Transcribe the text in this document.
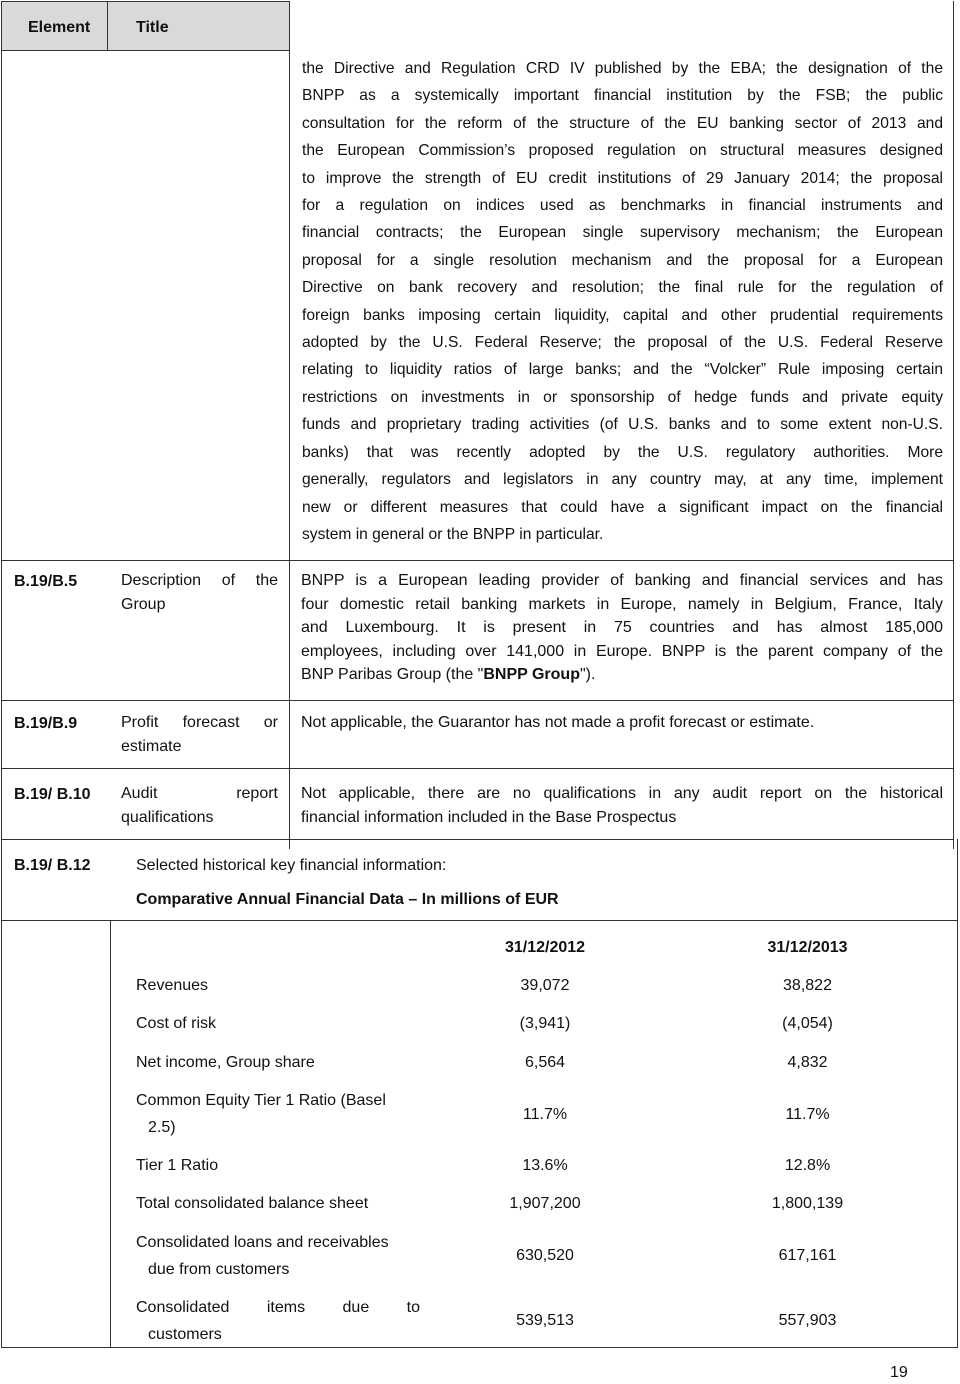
Element	Title
the Directive and Regulation CRD IV published by the EBA; the designation of the
BNPP as a systemically important financial institution by the FSB; the public
consultation for the reform of the structure of the EU banking sector of 2013 and
the European Commission’s proposed regulation on structural measures designed
to improve the strength of EU credit institutions of 29 January 2014; the proposal
for a regulation on indices used as benchmarks in financial instruments and
financial contracts; the European single supervisory mechanism; the European
proposal for a single resolution mechanism and the proposal for a European
Directive on bank recovery and resolution; the final rule for the regulation of
foreign banks imposing certain liquidity, capital and other prudential requirements
adopted by the U.S. Federal Reserve; the proposal of the U.S. Federal Reserve
relating to liquidity ratios of large banks; and the “Volcker” Rule imposing certain
restrictions on investments in or sponsorship of hedge funds and private equity
funds and proprietary trading activities (of U.S. banks and to some extent non-U.S.
banks) that was recently adopted by the U.S. regulatory authorities. More
generally, regulators and legislators in any country may, at any time, implement
new or different measures that could have a significant impact on the financial
system in general or the BNPP in particular.
B.19/B.5	Description of the
Group
BNPP is a European leading provider of banking and financial services and has
four domestic retail banking markets in Europe, namely in Belgium, France, Italy
and Luxembourg. It is present in 75 countries and has almost 185,000
employees, including over 141,000 in Europe. BNPP is the parent company of the
BNP Paribas Group (the "BNPP Group").
B.19/B.9	Profit forecast or
estimate
Not applicable, the Guarantor has not made a profit forecast or estimate.
B.19/ B.10 Audit report
qualifications
Not applicable, there are no qualifications in any audit report on the historical
financial information included in the Base Prospectus
B.19/ B.12	Selected historical key financial information:
Comparative Annual Financial Data – In millions of EUR
31/12/2012	31/12/2013
Revenues	39,072	38,822
Cost of risk	(3,941)	(4,054)
Net income, Group share	6,564	4,832
Common Equity Tier 1 Ratio (Basel
2.5)
11.7%	11.7%
Tier 1 Ratio	13.6%	12.8%
Total consolidated balance sheet	1,907,200	1,800,139
Consolidated loans and receivables
due from customers
630,520	617,161
Consolidated items due to
customers
539,513	557,903
19
